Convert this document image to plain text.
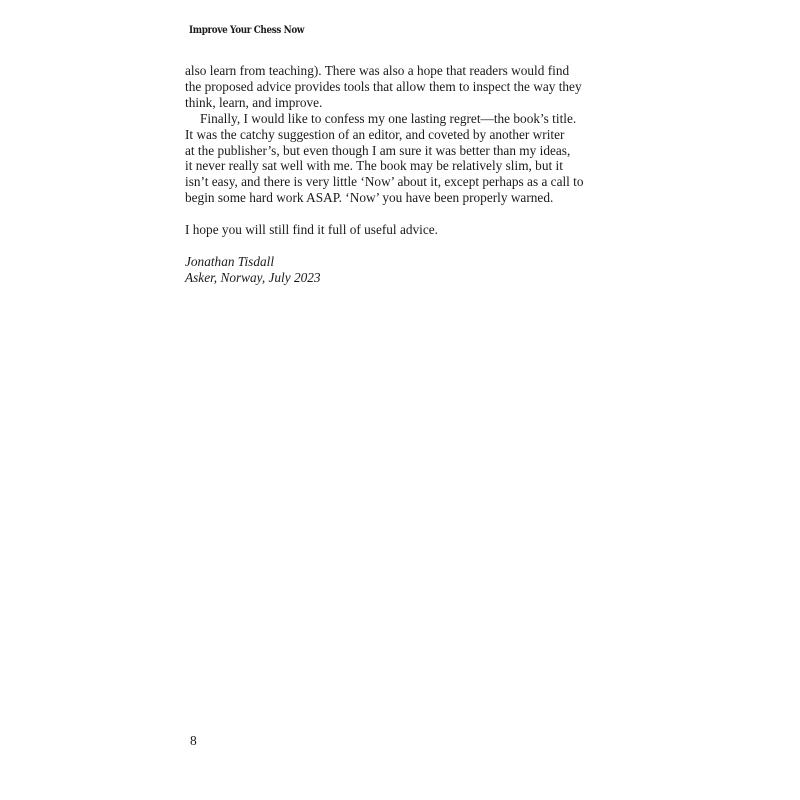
Improve Your Chess Now
also learn from teaching). There was also a hope that readers would find
the proposed advice provides tools that allow them to inspect the way they
think, learn, and improve.
Finally, I would like to confess my one lasting regret—the book’s title.
It was the catchy suggestion of an editor, and coveted by another writer
at the publisher’s, but even though I am sure it was better than my ideas,
it never really sat well with me. The book may be relatively slim, but it
isn’t easy, and there is very little ‘Now’ about it, except perhaps as a call to
begin some hard work ASAP. ‘Now’ you have been properly warned.
I hope you will still find it full of useful advice.
Jonathan Tisdall
Asker, Norway, July 2023
8
